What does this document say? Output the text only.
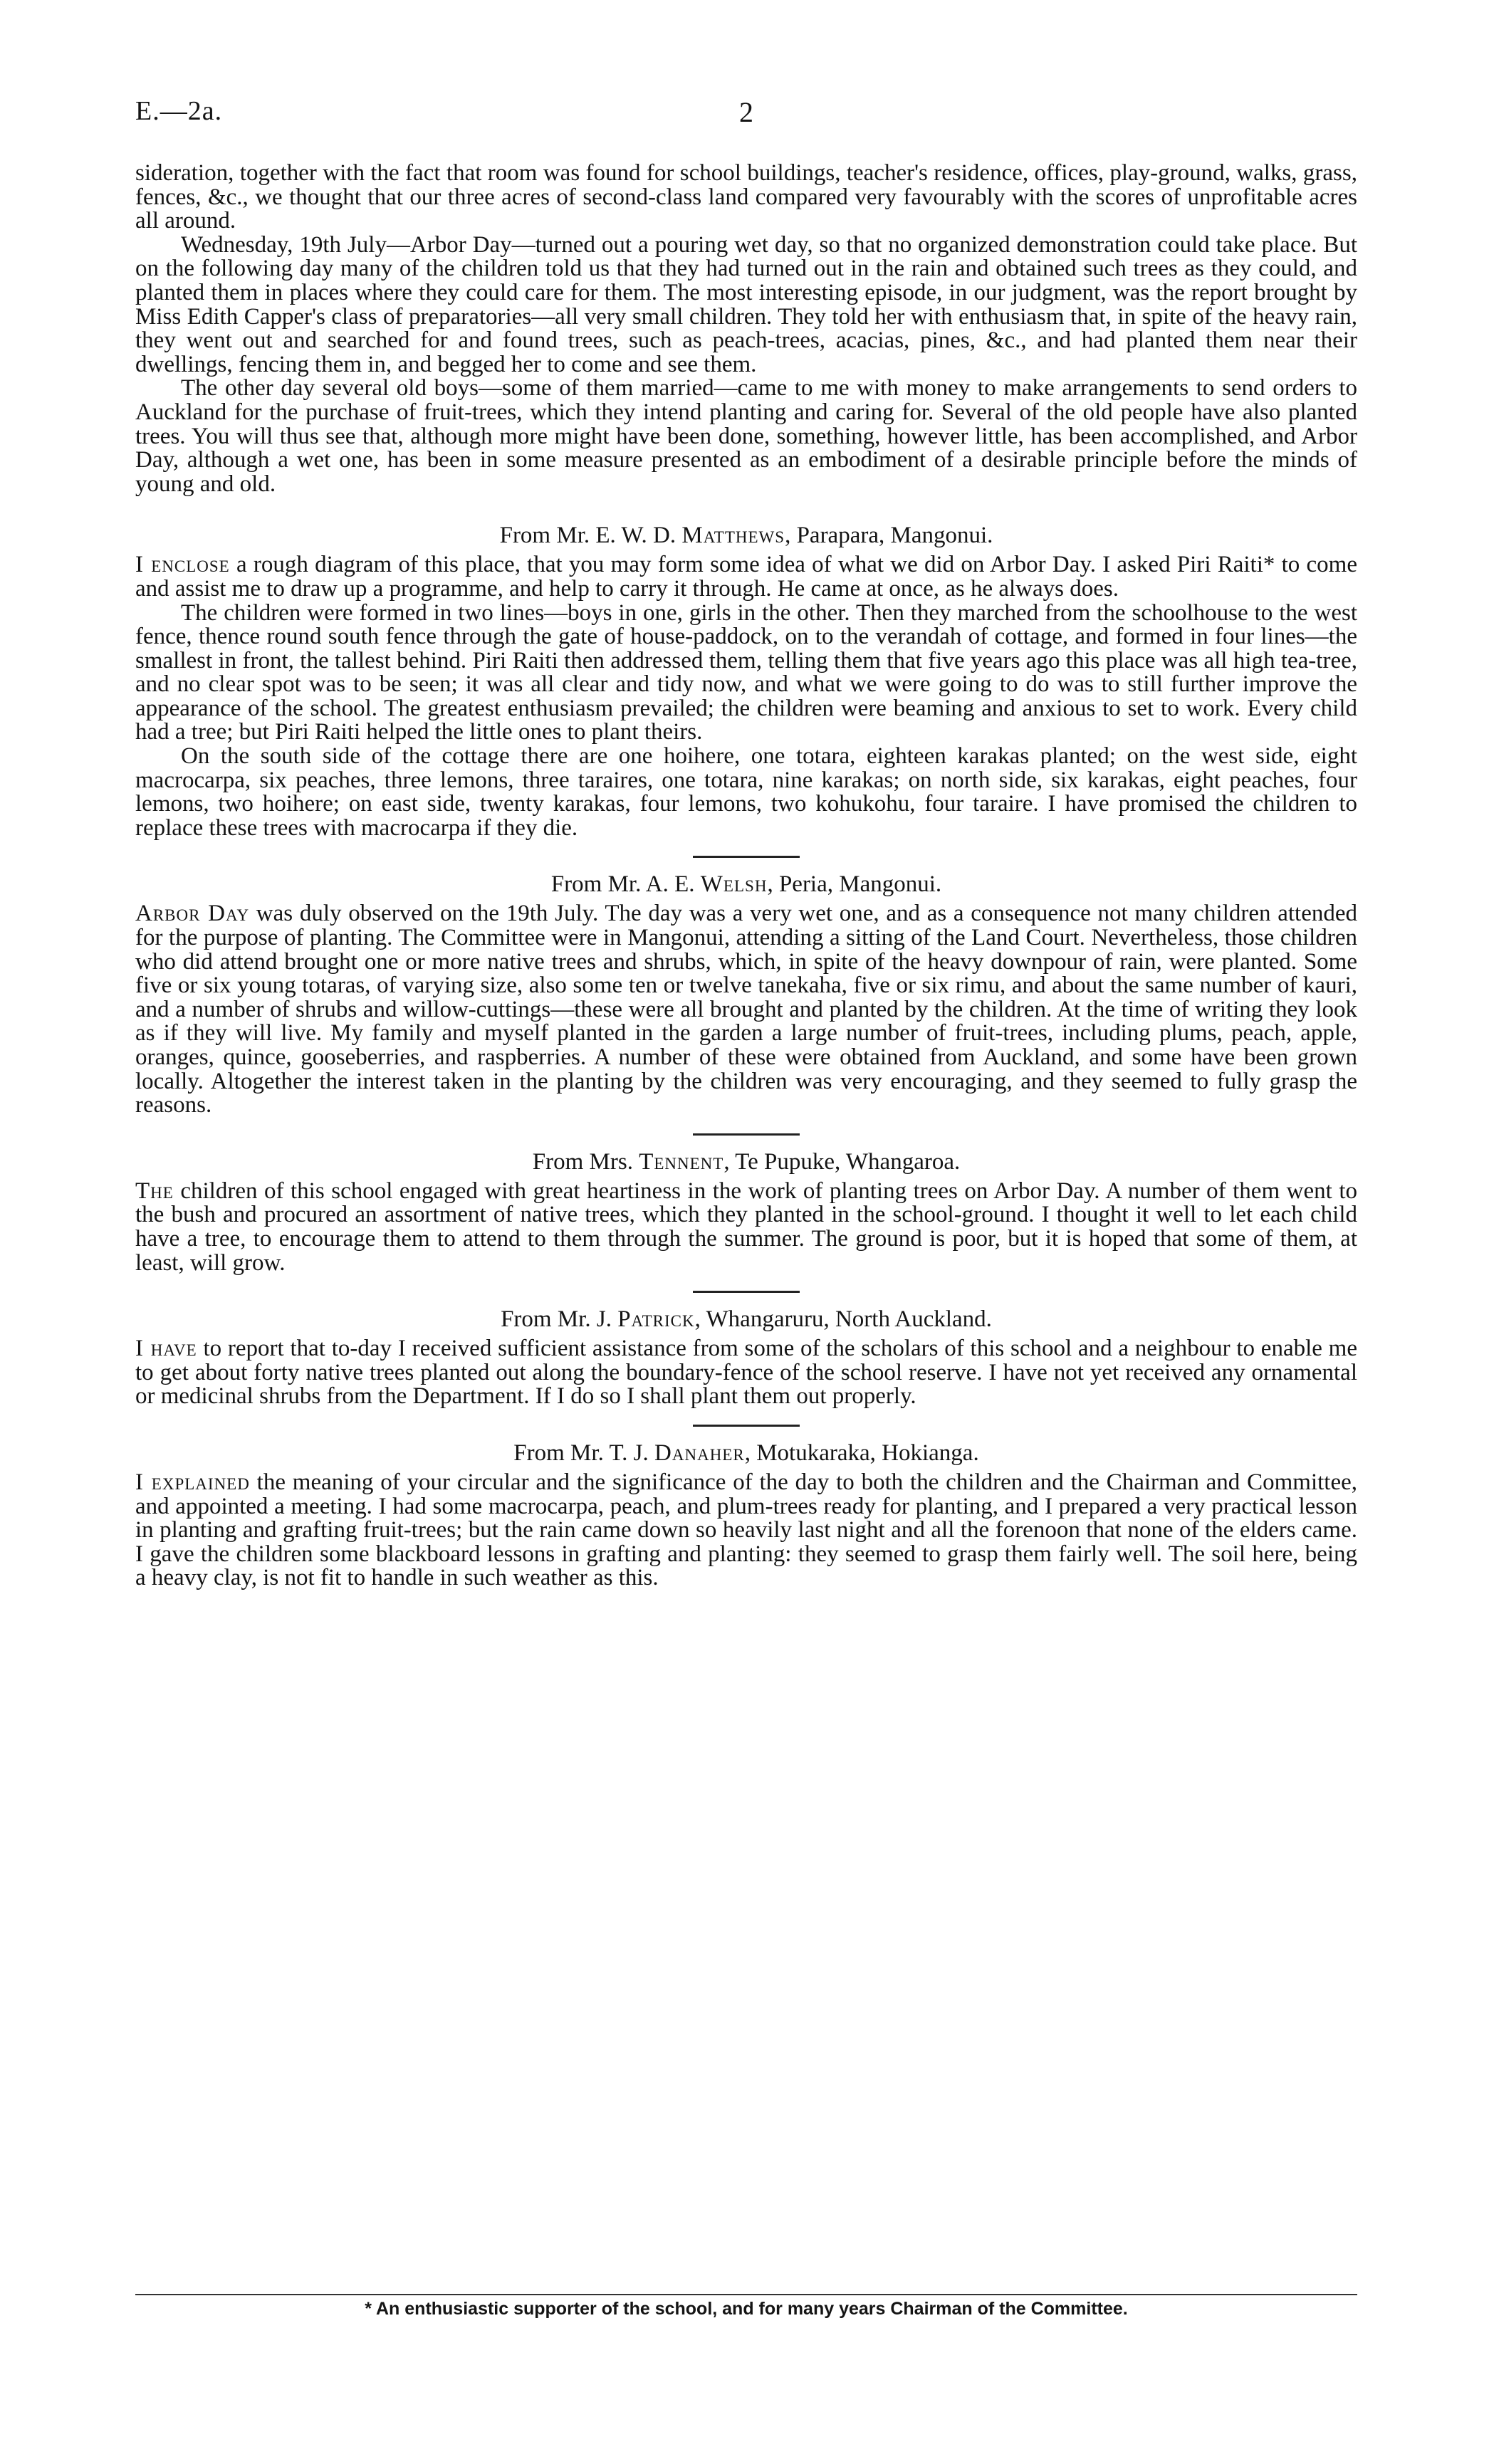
E.—2a.	2

sideration, together with the fact that room was found for school buildings, teacher's residence, offices, play-ground, walks, grass, fences, &c., we thought that our three acres of second-class land compared very favourably with the scores of unprofitable acres all around.

Wednesday, 19th July—Arbor Day—turned out a pouring wet day, so that no organized demonstration could take place. But on the following day many of the children told us that they had turned out in the rain and obtained such trees as they could, and planted them in places where they could care for them. The most interesting episode, in our judgment, was the report brought by Miss Edith Capper's class of preparatories—all very small children. They told her with enthusiasm that, in spite of the heavy rain, they went out and searched for and found trees, such as peach-trees, acacias, pines, &c., and had planted them near their dwellings, fencing them in, and begged her to come and see them.

The other day several old boys—some of them married—came to me with money to make arrangements to send orders to Auckland for the purchase of fruit-trees, which they intend planting and caring for. Several of the old people have also planted trees. You will thus see that, although more might have been done, something, however little, has been accomplished, and Arbor Day, although a wet one, has been in some measure presented as an embodiment of a desirable principle before the minds of young and old.

From Mr. E. W. D. Matthews, Parapara, Mangonui.

I enclose a rough diagram of this place, that you may form some idea of what we did on Arbor Day. I asked Piri Raiti* to come and assist me to draw up a programme, and help to carry it through. He came at once, as he always does.

The children were formed in two lines—boys in one, girls in the other. Then they marched from the schoolhouse to the west fence, thence round south fence through the gate of house-paddock, on to the verandah of cottage, and formed in four lines—the smallest in front, the tallest behind. Piri Raiti then addressed them, telling them that five years ago this place was all high tea-tree, and no clear spot was to be seen; it was all clear and tidy now, and what we were going to do was to still further improve the appearance of the school. The greatest enthusiasm prevailed; the children were beaming and anxious to set to work. Every child had a tree; but Piri Raiti helped the little ones to plant theirs.

On the south side of the cottage there are one hoihere, one totara, eighteen karakas planted; on the west side, eight macrocarpa, six peaches, three lemons, three taraires, one totara, nine karakas; on north side, six karakas, eight peaches, four lemons, two hoihere; on east side, twenty karakas, four lemons, two kohukohu, four taraire. I have promised the children to replace these trees with macrocarpa if they die.

From Mr. A. E. Welsh, Peria, Mangonui.

Arbor Day was duly observed on the 19th July. The day was a very wet one, and as a consequence not many children attended for the purpose of planting. The Committee were in Mangonui, attending a sitting of the Land Court. Nevertheless, those children who did attend brought one or more native trees and shrubs, which, in spite of the heavy downpour of rain, were planted. Some five or six young totaras, of varying size, also some ten or twelve tanekaha, five or six rimu, and about the same number of kauri, and a number of shrubs and willow-cuttings—these were all brought and planted by the children. At the time of writing they look as if they will live. My family and myself planted in the garden a large number of fruit-trees, including plums, peach, apple, oranges, quince, gooseberries, and raspberries. A number of these were obtained from Auckland, and some have been grown locally. Altogether the interest taken in the planting by the children was very encouraging, and they seemed to fully grasp the reasons.

From Mrs. Tennent, Te Pupuke, Whangaroa.

The children of this school engaged with great heartiness in the work of planting trees on Arbor Day. A number of them went to the bush and procured an assortment of native trees, which they planted in the school-ground. I thought it well to let each child have a tree, to encourage them to attend to them through the summer. The ground is poor, but it is hoped that some of them, at least, will grow.

From Mr. J. Patrick, Whangaruru, North Auckland.

I have to report that to-day I received sufficient assistance from some of the scholars of this school and a neighbour to enable me to get about forty native trees planted out along the boundary-fence of the school reserve. I have not yet received any ornamental or medicinal shrubs from the Department. If I do so I shall plant them out properly.

From Mr. T. J. Danaher, Motukaraka, Hokianga.

I explained the meaning of your circular and the significance of the day to both the children and the Chairman and Committee, and appointed a meeting. I had some macrocarpa, peach, and plum-trees ready for planting, and I prepared a very practical lesson in planting and grafting fruit-trees; but the rain came down so heavily last night and all the forenoon that none of the elders came. I gave the children some blackboard lessons in grafting and planting: they seemed to grasp them fairly well. The soil here, being a heavy clay, is not fit to handle in such weather as this.

* An enthusiastic supporter of the school, and for many years Chairman of the Committee.
